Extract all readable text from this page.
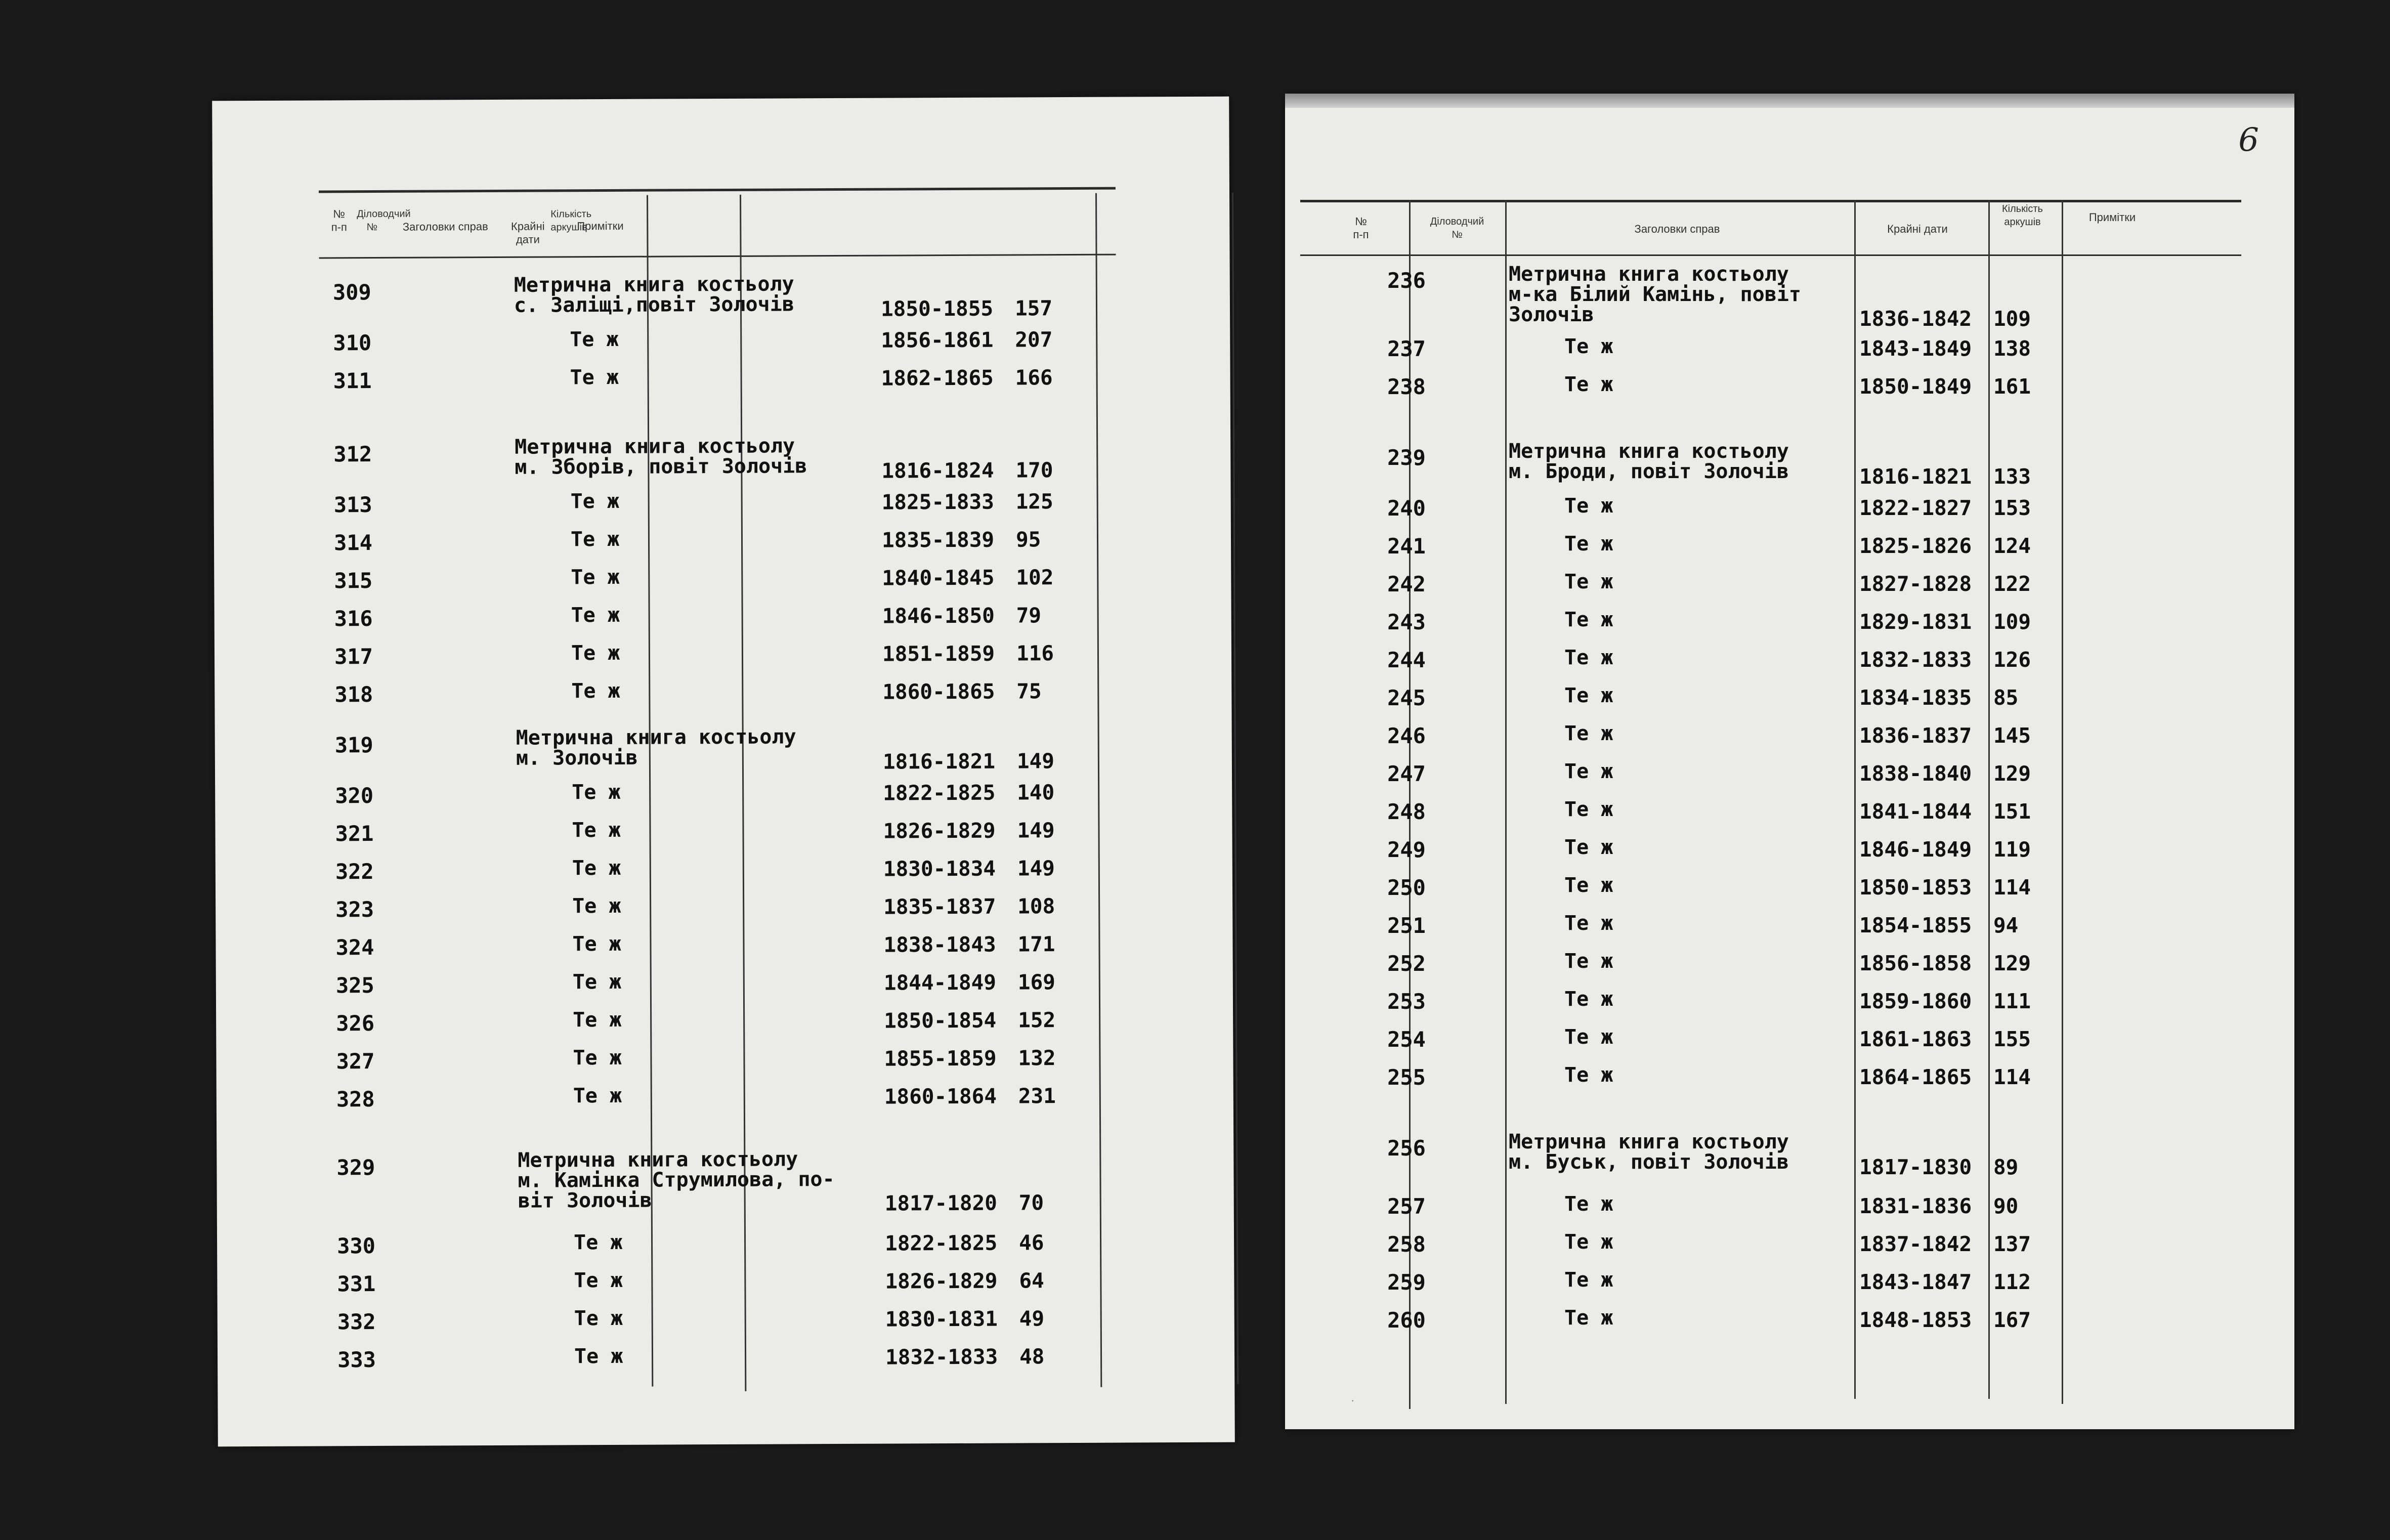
№
п-п
Діловодчий
№	Заголовки справ	Крайні дати
Кількість
аркушів
Примітки
309	Метрична книга костьолу
с. Заліщі,повіт Золочів	1850-1855 157
310	Те ж	1856-1861 207
311	Те ж	1862-1865 166
312	Метрична книга костьолу
м. Зборів, повіт Золочів	1816-1824 170
313	Те ж	1825-1833 125
314	Те ж	1835-1839 95
315	Те ж	1840-1845 102
316	Те ж	1846-1850 79
317	Те ж	1851-1859 116
318	Те ж	1860-1865 75
319	Метрична книга костьолу
м. Золочів	1816-1821 149
320	Те ж	1822-1825 140
321	Те ж	1826-1829 149
322	Те ж	1830-1834 149
323	Те ж	1835-1837 108
324	Те ж	1838-1843 171
325	Те ж	1844-1849 169
326	Те ж	1850-1854 152
327	Те ж	1855-1859 132
328	Те ж	1860-1864 231
329	Метрична книга костьолу
м. Камінка Струмилова, по-
віт Золочів	1817-1820 70
330	Те ж	1822-1825 46
331	Те ж	1826-1829 64
332	Те ж	1830-1831 49
333	Те ж	1832-1833 48
6
№
п-п
Діловодчий
№	Заголовки справ	Крайні дати
Кількість
аркушів	Примітки
236	Метрична книга костьолу
м-ка Білий Камінь, повіт
Золочів	1836-1842 109
237	Те ж	1843-1849 138
238	Те ж	1850-1849 161
239	Метрична книга костьолу
м. Броди, повіт Золочів	1816-1821 133
240	Те ж	1822-1827 153
241	Те ж	1825-1826 124
242	Те ж	1827-1828 122
243	Те ж	1829-1831 109
244	Те ж	1832-1833 126
245	Те ж	1834-1835 85
246	Те ж	1836-1837 145
247	Те ж	1838-1840 129
248	Те ж	1841-1844 151
249	Те ж	1846-1849 119
250	Те ж	1850-1853 114
251	Те ж	1854-1855 94
252	Те ж	1856-1858 129
253	Те ж	1859-1860 111
254	Те ж	1861-1863 155
255	Те ж	1864-1865 114
256	Метрична книга костьолу
м. Буськ, повіт Золочів	1817-1830 89
257	Те ж	1831-1836 90
258	Те ж	1837-1842 137
259	Те ж	1843-1847 112
260	Те ж	1848-1853 167
·
